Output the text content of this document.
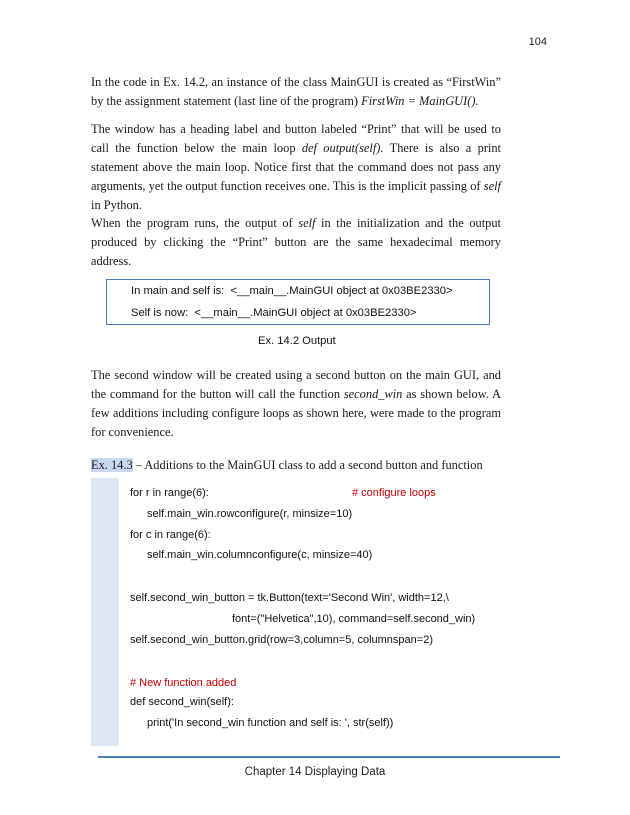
104
In the code in Ex. 14.2, an instance of the class MainGUI is created as “FirstWin” by the assignment statement (last line of the program) FirstWin = MainGUI().
The window has a heading label and button labeled “Print” that will be used to call the function below the main loop def output(self). There is also a print statement above the main loop. Notice first that the command does not pass any arguments, yet the output function receives one. This is the implicit passing of self in Python.
When the program runs, the output of self in the initialization and the output produced by clicking the “Print” button are the same hexadecimal memory address.
In main and self is:  <__main__.MainGUI object at 0x03BE2330>
Self is now:  <__main__.MainGUI object at 0x03BE2330>
Ex. 14.2 Output
The second window will be created using a second button on the main GUI, and the command for the button will call the function second_win as shown below. A few additions including configure loops as shown here, were made to the program for convenience.
Ex. 14.3 – Additions to the MainGUI class to add a second button and function
for r in range(6):	# configure loops
self.main_win.rowconfigure(r, minsize=10)
for c in range(6):
self.main_win.columnconfigure(c, minsize=40)
self.second_win_button = tk.Button(text='Second Win', width=12,\
font=("Helvetica",10), command=self.second_win)
self.second_win_button.grid(row=3,column=5, columnspan=2)
# New function added
def second_win(self):
print('In second_win function and self is: ', str(self))
Chapter 14 Displaying Data
